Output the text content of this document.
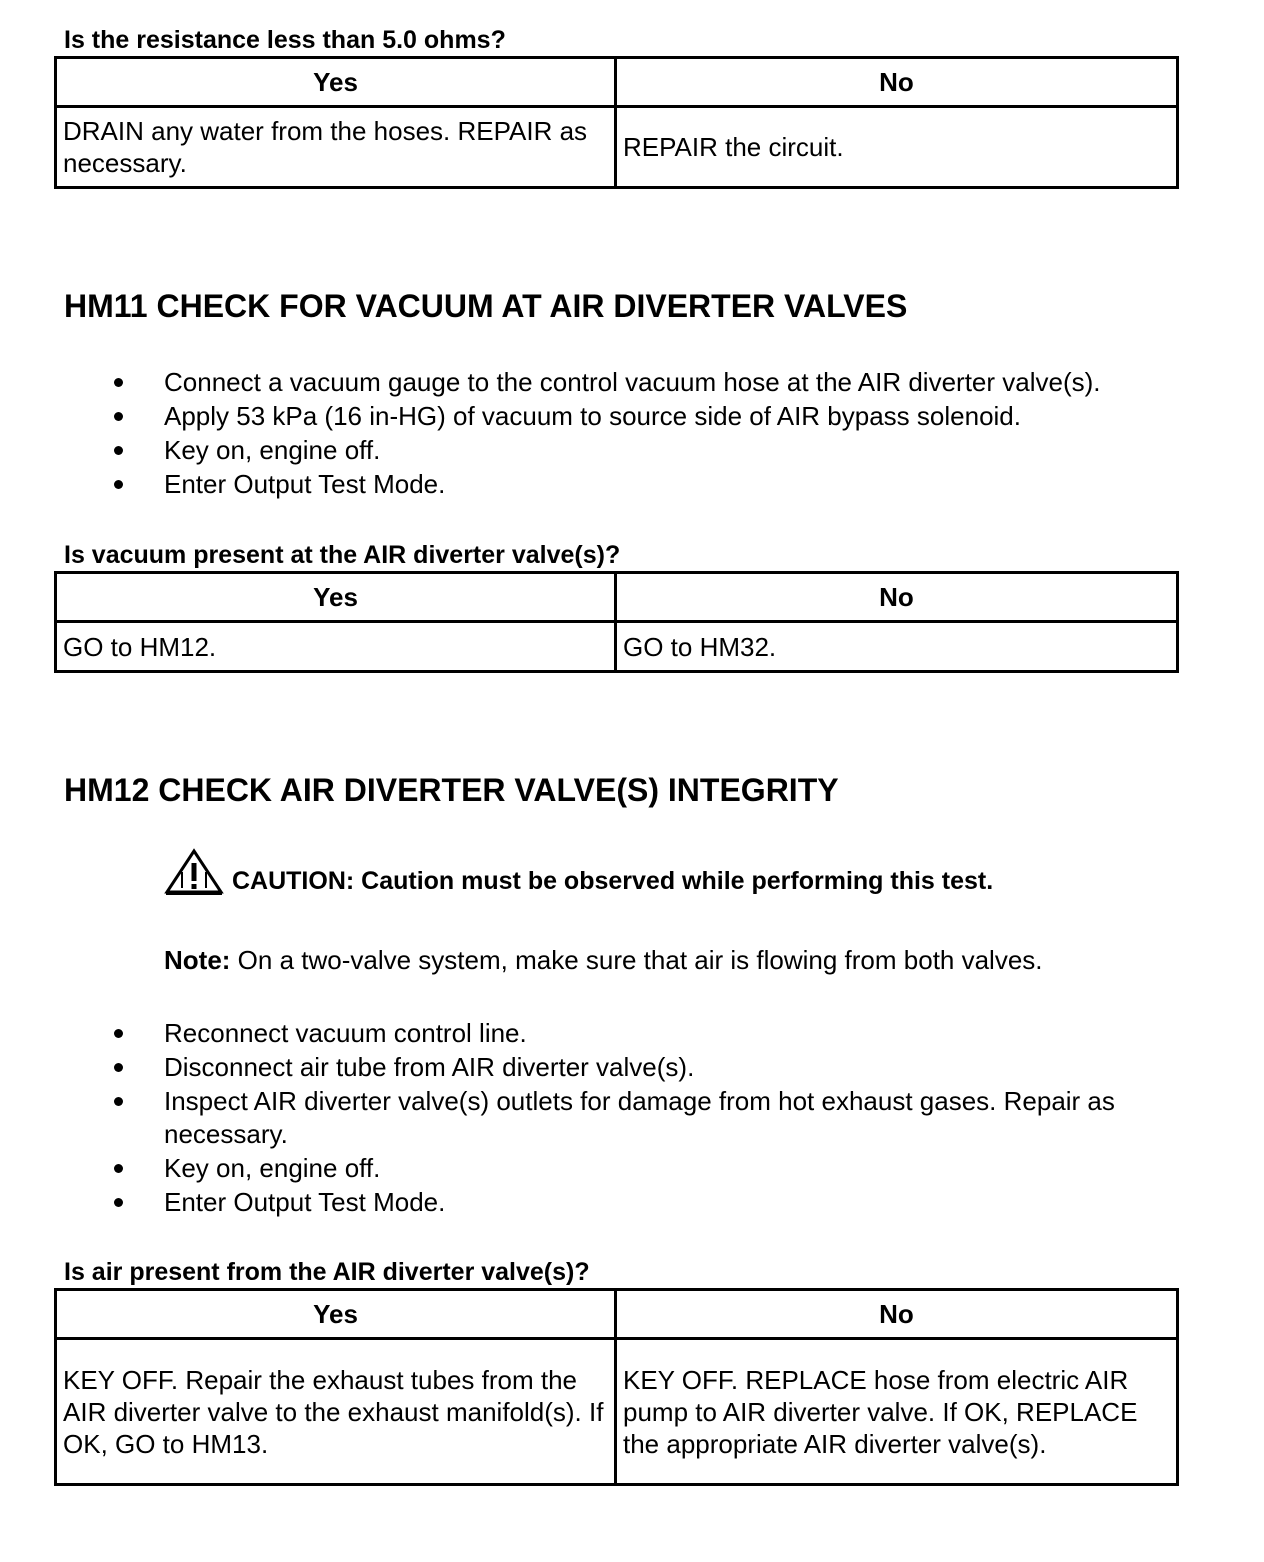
Is the resistance less than 5.0 ohms?
Yes	No
DRAIN any water from the hoses. REPAIR as necessary.	REPAIR the circuit.
HM11 CHECK FOR VACUUM AT AIR DIVERTER VALVES
Connect a vacuum gauge to the control vacuum hose at the AIR diverter valve(s).
Apply 53 kPa (16 in-HG) of vacuum to source side of AIR bypass solenoid.
Key on, engine off.
Enter Output Test Mode.
Is vacuum present at the AIR diverter valve(s)?
Yes	No
GO to HM12.	GO to HM32.
HM12 CHECK AIR DIVERTER VALVE(S) INTEGRITY
CAUTION: Caution must be observed while performing this test.
Note: On a two-valve system, make sure that air is flowing from both valves.
Reconnect vacuum control line.
Disconnect air tube from AIR diverter valve(s).
Inspect AIR diverter valve(s) outlets for damage from hot exhaust gases. Repair as necessary.
Key on, engine off.
Enter Output Test Mode.
Is air present from the AIR diverter valve(s)?
Yes	No
KEY OFF. Repair the exhaust tubes from the AIR diverter valve to the exhaust manifold(s). If OK, GO to HM13.	KEY OFF. REPLACE hose from electric AIR pump to AIR diverter valve. If OK, REPLACE the appropriate AIR diverter valve(s).
